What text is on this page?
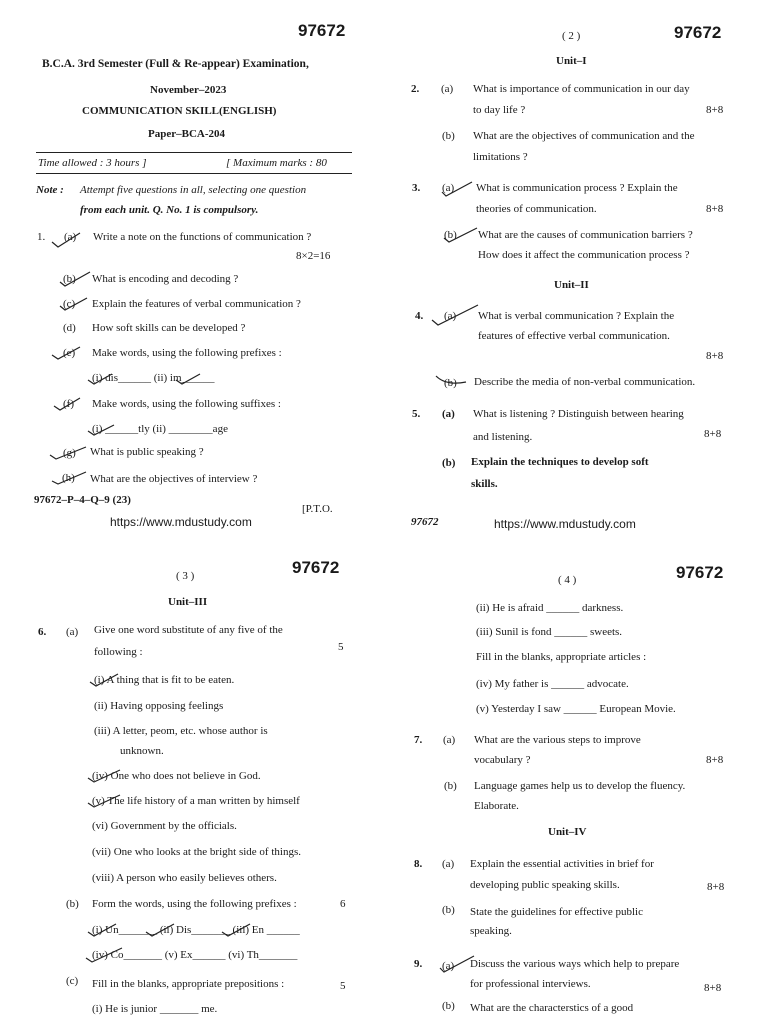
97672
B.C.A. 3rd Semester (Full & Re-appear) Examination,
November–2023
COMMUNICATION SKILL(ENGLISH)
Paper–BCA-204
Time allowed : 3 hours ]	[ Maximum marks : 80
Note : Attempt five questions in all, selecting one question
from each unit. Q. No. 1 is compulsory.
1. (a) Write a note on the functions of communication ?
8×2=16
(b) What is encoding and decoding ?
(c) Explain the features of verbal communication ?
(d) How soft skills can be developed ?
(e) Make words, using the following prefixes :
(i) dis______ (ii) im______
(f) Make words, using the following suffixes :
(i) ______tly (ii) ________age
(g) What is public speaking ?
(h) What are the objectives of interview ?
97672–P–4–Q–9 (23)
[P.T.O.
https://www.mdustudy.com
( 2 )	97672
Unit–I
2. (a) What is importance of communication in our day
to day life ?	8+8
(b) What are the objectives of communication and the
limitations ?
3. (a) What is communication process ? Explain the
theories of communication.	8+8
(b) What are the causes of communication barriers ?
How does it affect the communication process ?
Unit–II
4. (a) What is verbal communication ? Explain the
features of effective verbal communication.
8+8
(b) Describe the media of non-verbal communication.
5. (a) What is listening ? Distinguish between hearing
and listening.	8+8
(b) Explain the techniques to develop soft
skills.
97672	https://www.mdustudy.com
( 3 )	97672
Unit–III
6. (a) Give one word substitute of any five of the
following :	5
(i) A thing that is fit to be eaten.
(ii) Having opposing feelings
(iii) A letter, peom, etc. whose author is
unknown.
(iv) One who does not believe in God.
(v) The life history of a man written by himself
(vi) Government by the officials.
(vii) One who looks at the bright side of things.
(viii) A person who easily believes others.
(b) Form the words, using the following prefixes :	6
(i) Un_______ (ii) Dis_______ (iii) En ______
(iv) Co_______ (v) Ex______ (vi) Th_______
(c) Fill in the blanks, appropriate prepositions :	5
(i) He is junior _______ me.
( 4 )	97672
(ii) He is afraid ______ darkness.
(iii) Sunil is fond ______ sweets.
Fill in the blanks, appropriate articles :
(iv) My father is ______ advocate.
(v) Yesterday I saw ______ European Movie.
7. (a) What are the various steps to improve
vocabulary ?	8+8
(b) Language games help us to develop the fluency.
Elaborate.
Unit–IV
8. (a) Explain the essential activities in brief for
developing public speaking skills.	8+8
(b) State the guidelines for effective public
speaking.
9. (a) Discuss the various ways which help to prepare
for professional interviews.	8+8
(b) What are the characterstics of a good
